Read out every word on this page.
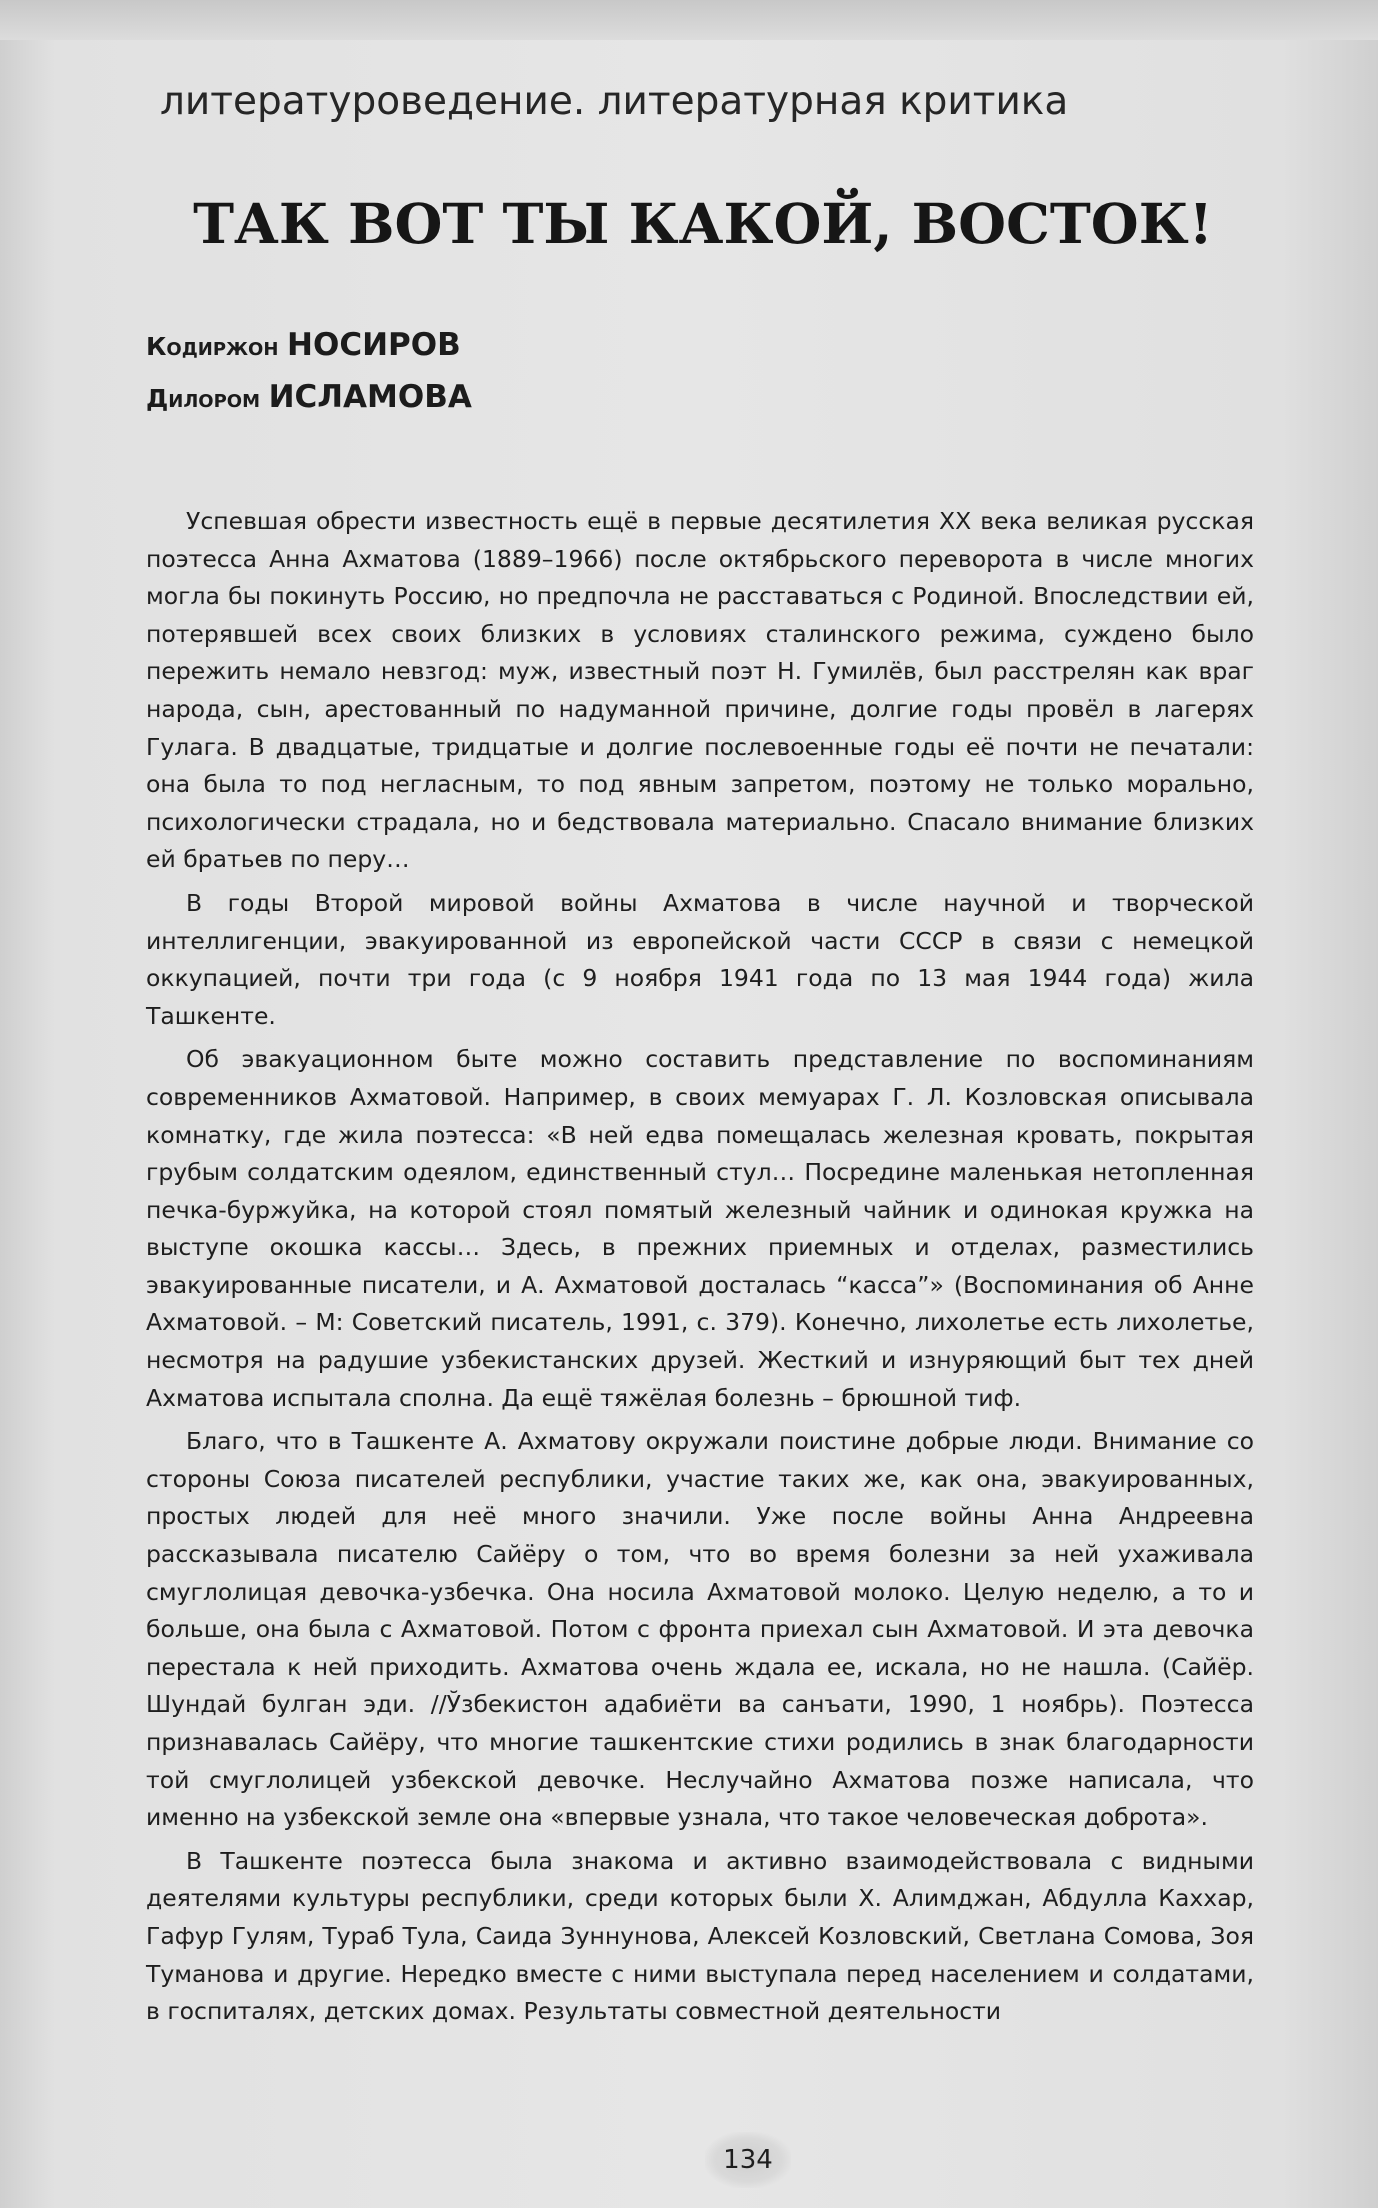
литературоведение. литературная критика
ТАК ВОТ ТЫ КАКОЙ, ВОСТОК!
Кодиржон НОСИРОВ
Дилором ИСЛАМОВА

Успевшая обрести известность ещё в первые десятилетия XX века великая русская поэтесса Анна Ахматова (1889–1966) после октябрьского переворота в числе многих могла бы покинуть Россию, но предпочла не расставаться с Родиной. Впоследствии ей, потерявшей всех своих близких в условиях сталинского режима, суждено было пережить немало невзгод: муж, известный поэт Н. Гумилёв, был расстрелян как враг народа, сын, арестованный по надуманной причине, долгие годы провёл в лагерях Гулага. В двадцатые, тридцатые и долгие послевоенные годы её почти не печатали: она была то под негласным, то под явным запретом, поэтому не только морально, психологически страдала, но и бедствовала материально. Спасало внимание близких ей братьев по перу…

В годы Второй мировой войны Ахматова в числе научной и творческой интеллигенции, эвакуированной из европейской части СССР в связи с немецкой оккупацией, почти три года (с 9 ноября 1941 года по 13 мая 1944 года) жила Ташкенте.

Об эвакуационном быте можно составить представление по воспоминаниям современников Ахматовой. Например, в своих мемуарах Г. Л. Козловская описывала комнатку, где жила поэтесса: «В ней едва помещалась железная кровать, покрытая грубым солдатским одеялом, единственный стул… Посредине маленькая нетопленная печка-буржуйка, на которой стоял помятый железный чайник и одинокая кружка на выступе окошка кассы… Здесь, в прежних приемных и отделах, разместились эвакуированные писатели, и А. Ахматовой досталась “касса”» (Воспоминания об Анне Ахматовой. – М: Советский писатель, 1991, с. 379). Конечно, лихолетье есть лихолетье, несмотря на радушие узбекистанских друзей. Жесткий и изнуряющий быт тех дней Ахматова испытала сполна. Да ещё тяжёлая болезнь – брюшной тиф.

Благо, что в Ташкенте А. Ахматову окружали поистине добрые люди. Внимание со стороны Союза писателей республики, участие таких же, как она, эвакуированных, простых людей для неё много значили. Уже после войны Анна Андреевна рассказывала писателю Сайёру о том, что во время болезни за ней ухаживала смуглолицая девочка-узбечка. Она носила Ахматовой молоко. Целую неделю, а то и больше, она была с Ахматовой. Потом с фронта приехал сын Ахматовой. И эта девочка перестала к ней приходить. Ахматова очень ждала ее, искала, но не нашла. (Сайёр. Шундай булган эди. //Ўзбекистон адабиёти ва санъати, 1990, 1 ноябрь). Поэтесса признавалась Сайёру, что многие ташкентские стихи родились в знак благодарности той смуглолицей узбекской девочке. Неслучайно Ахматова позже написала, что именно на узбекской земле она «впервые узнала, что такое человеческая доброта».

В Ташкенте поэтесса была знакома и активно взаимодействовала с видными деятелями культуры республики, среди которых были Х. Алимджан, Абдулла Каххар, Гафур Гулям, Тураб Тула, Саида Зуннунова, Алексей Козловский, Светлана Сомова, Зоя Туманова и другие. Нередко вместе с ними выступала перед населением и солдатами, в госпиталях, детских домах. Результаты совместной деятельности

134
